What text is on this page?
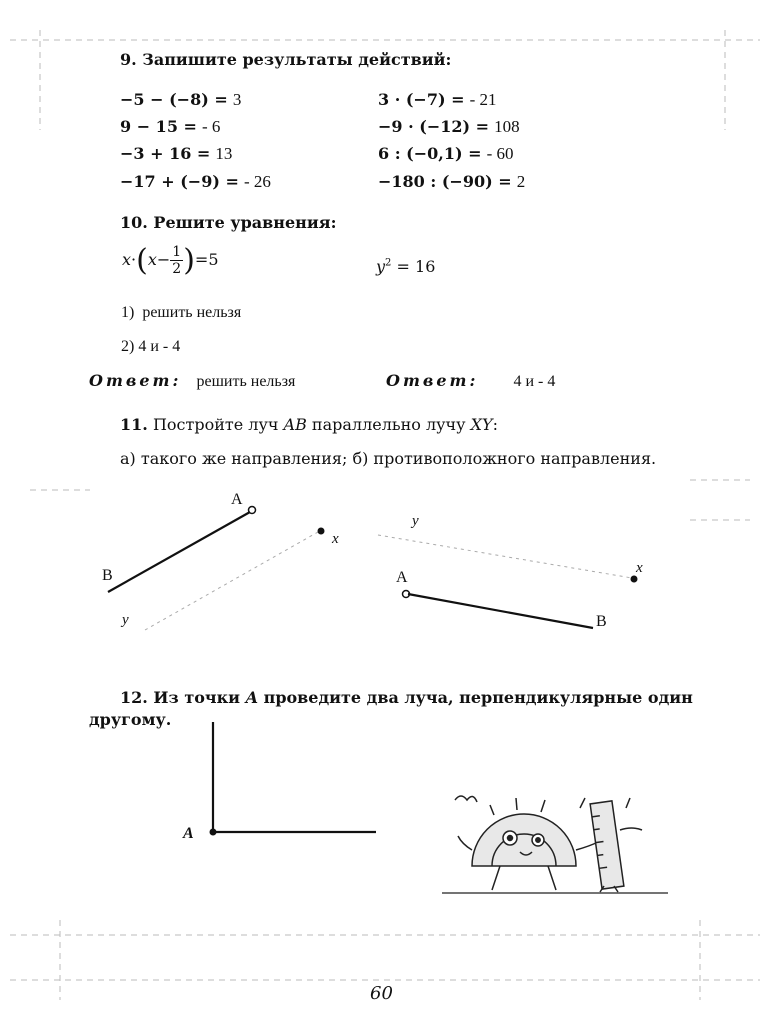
9. Запишите результаты действий:
−5 − (−8) = 3
9 − 15 = - 6
−3 + 16 = 13
−17 + (−9) = - 26
3 · (−7) = - 21
−9 · (−12) = 108
6 : (−0,1) = - 60
−180 : (−90) = 2
10. Решите уравнения:
$x\cdot(x- \frac{1}{2} )=5$	$y^2 = 16$
1) решить нельзя
2) 4 и - 4
Ответ: решить нельзя	Ответ: 4 и - 4
11. Постройте луч AB параллельно лучу XY:
а) такого же направления; б) противоположного направления.
A
B
x
y
A
B
x
y
12. Из точки A проведите два луча, перпендикулярные один
другому.
A
60
